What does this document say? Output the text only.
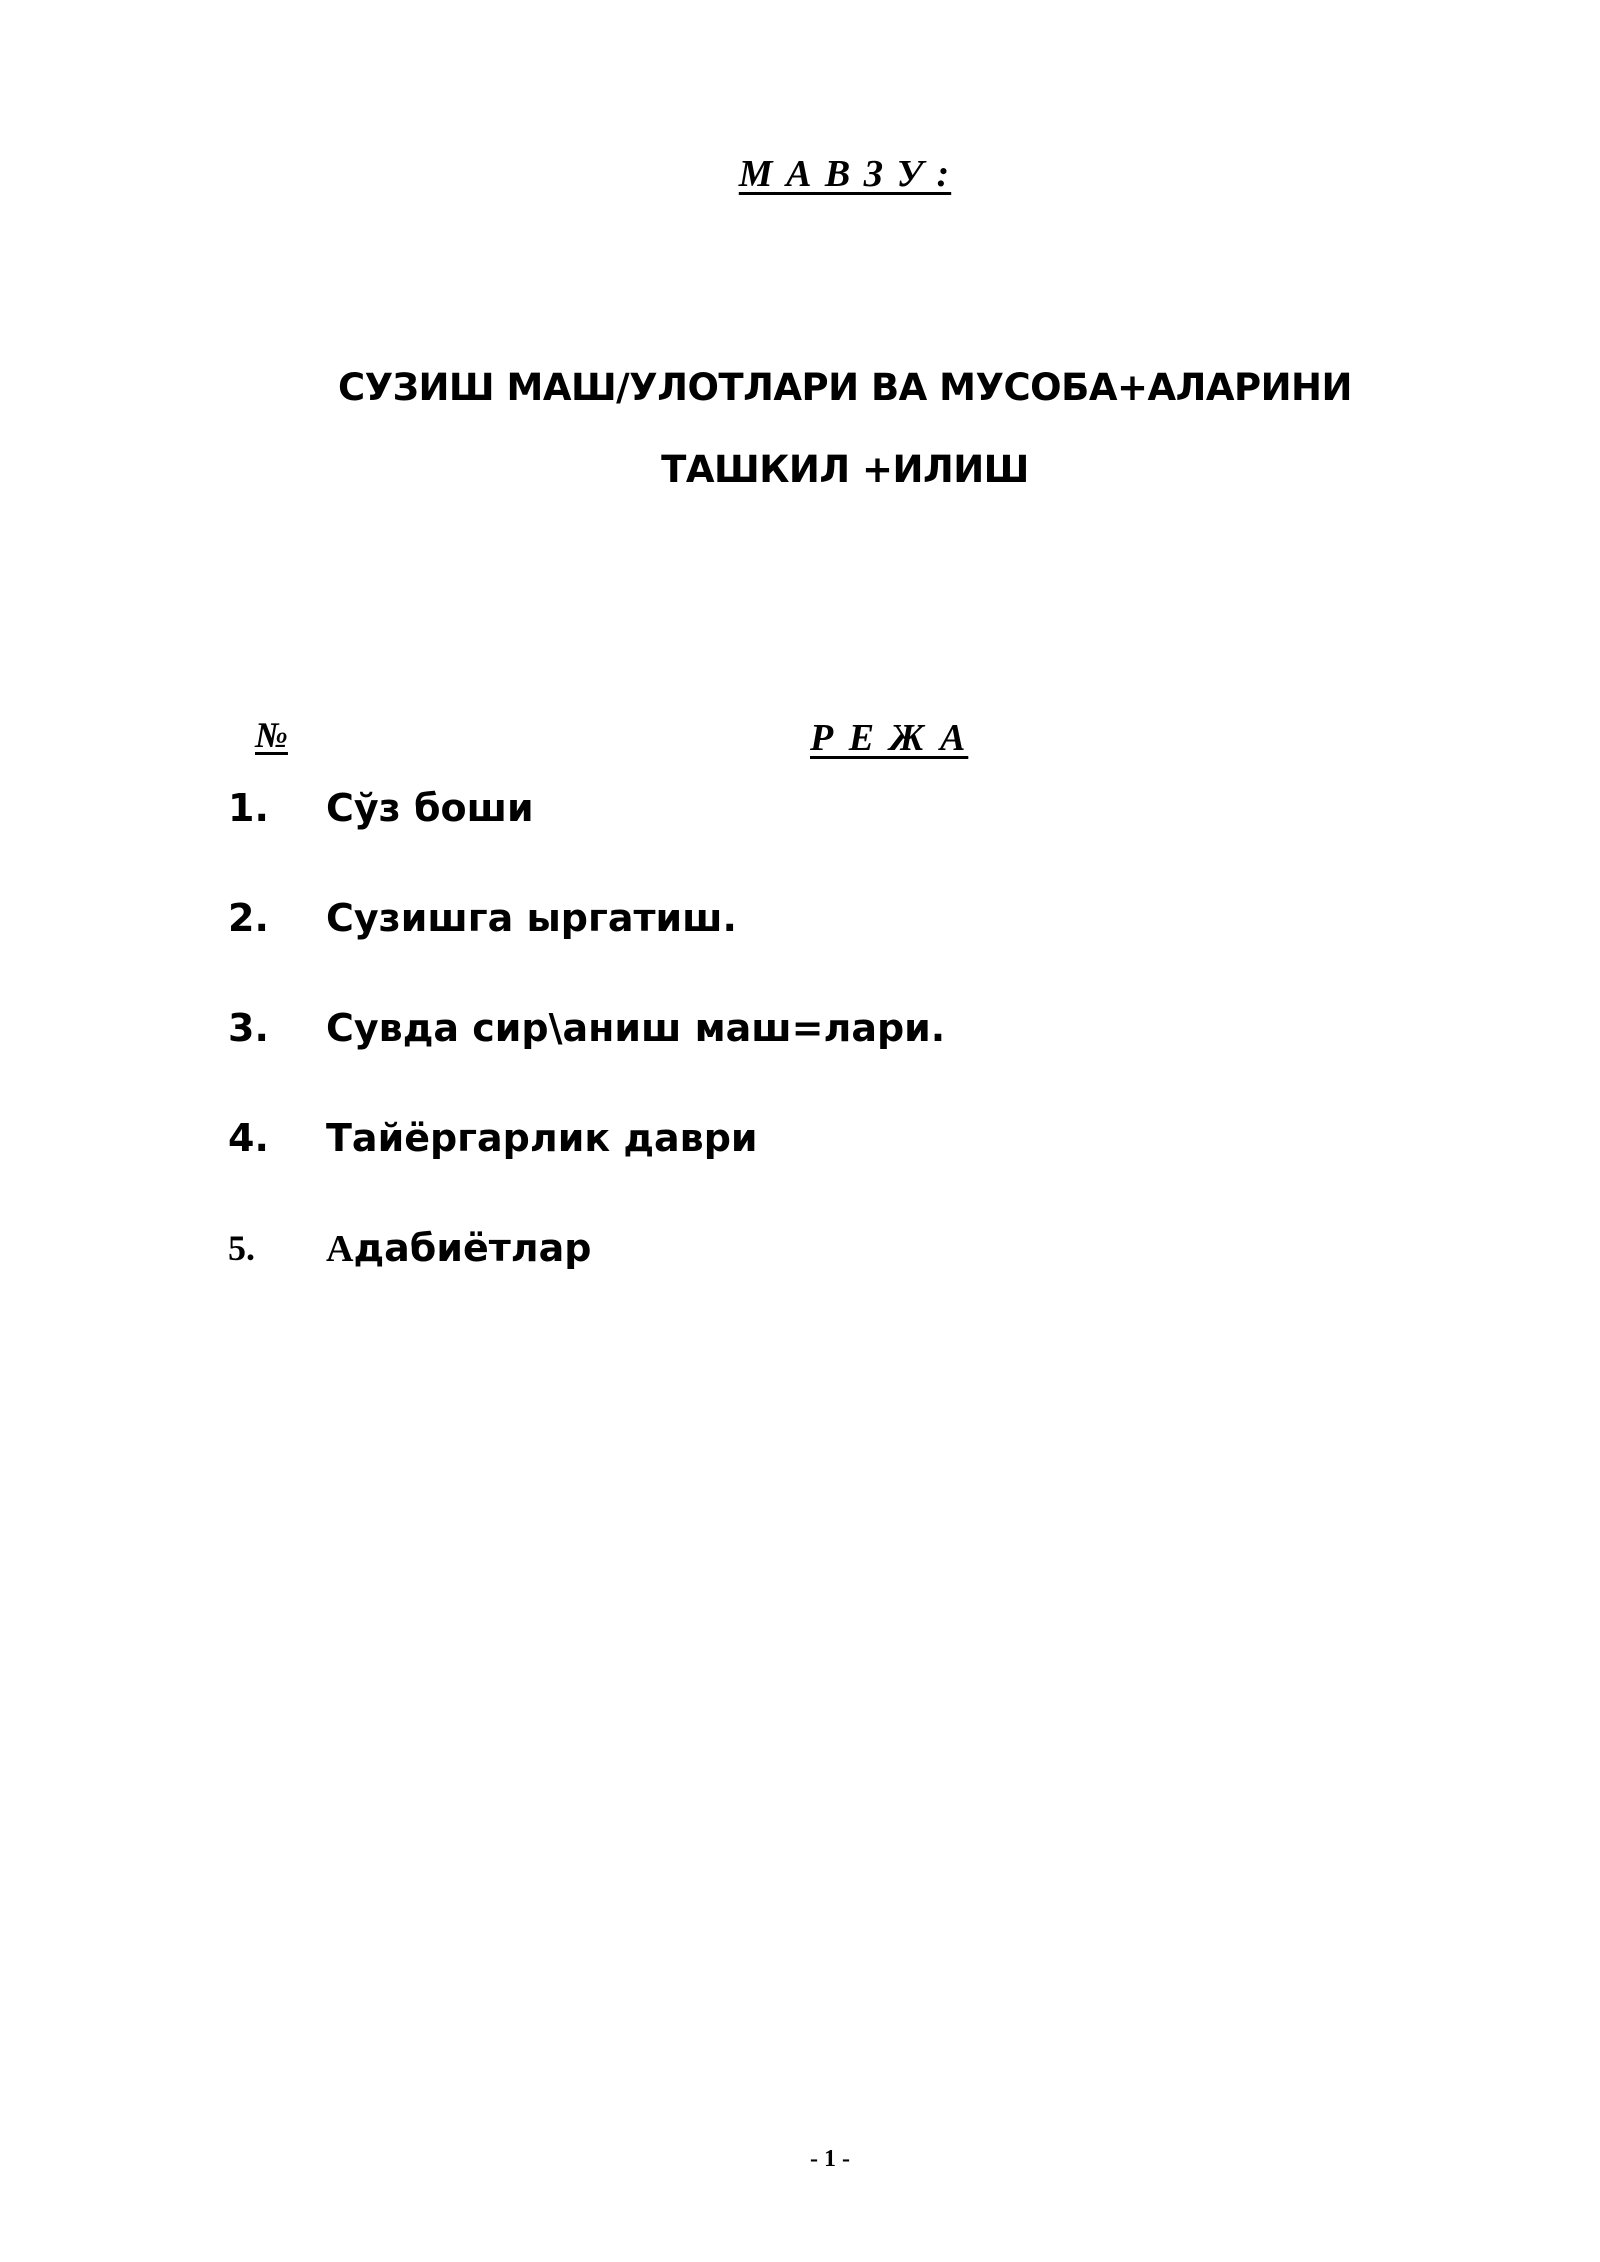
М А В З У :
СУЗИШ МАШ/УЛОТЛАРИ ВА МУСОБА+АЛАРИНИ
ТАШКИЛ +ИЛИШ
№	Р Е Ж А
1.	Сўз боши
2.	Сузишга ыргатиш.
3.	Сувда сир\аниш маш=лари.
4.	Тайёргарлик даври
5.	Адабиётлар
- 1 -
